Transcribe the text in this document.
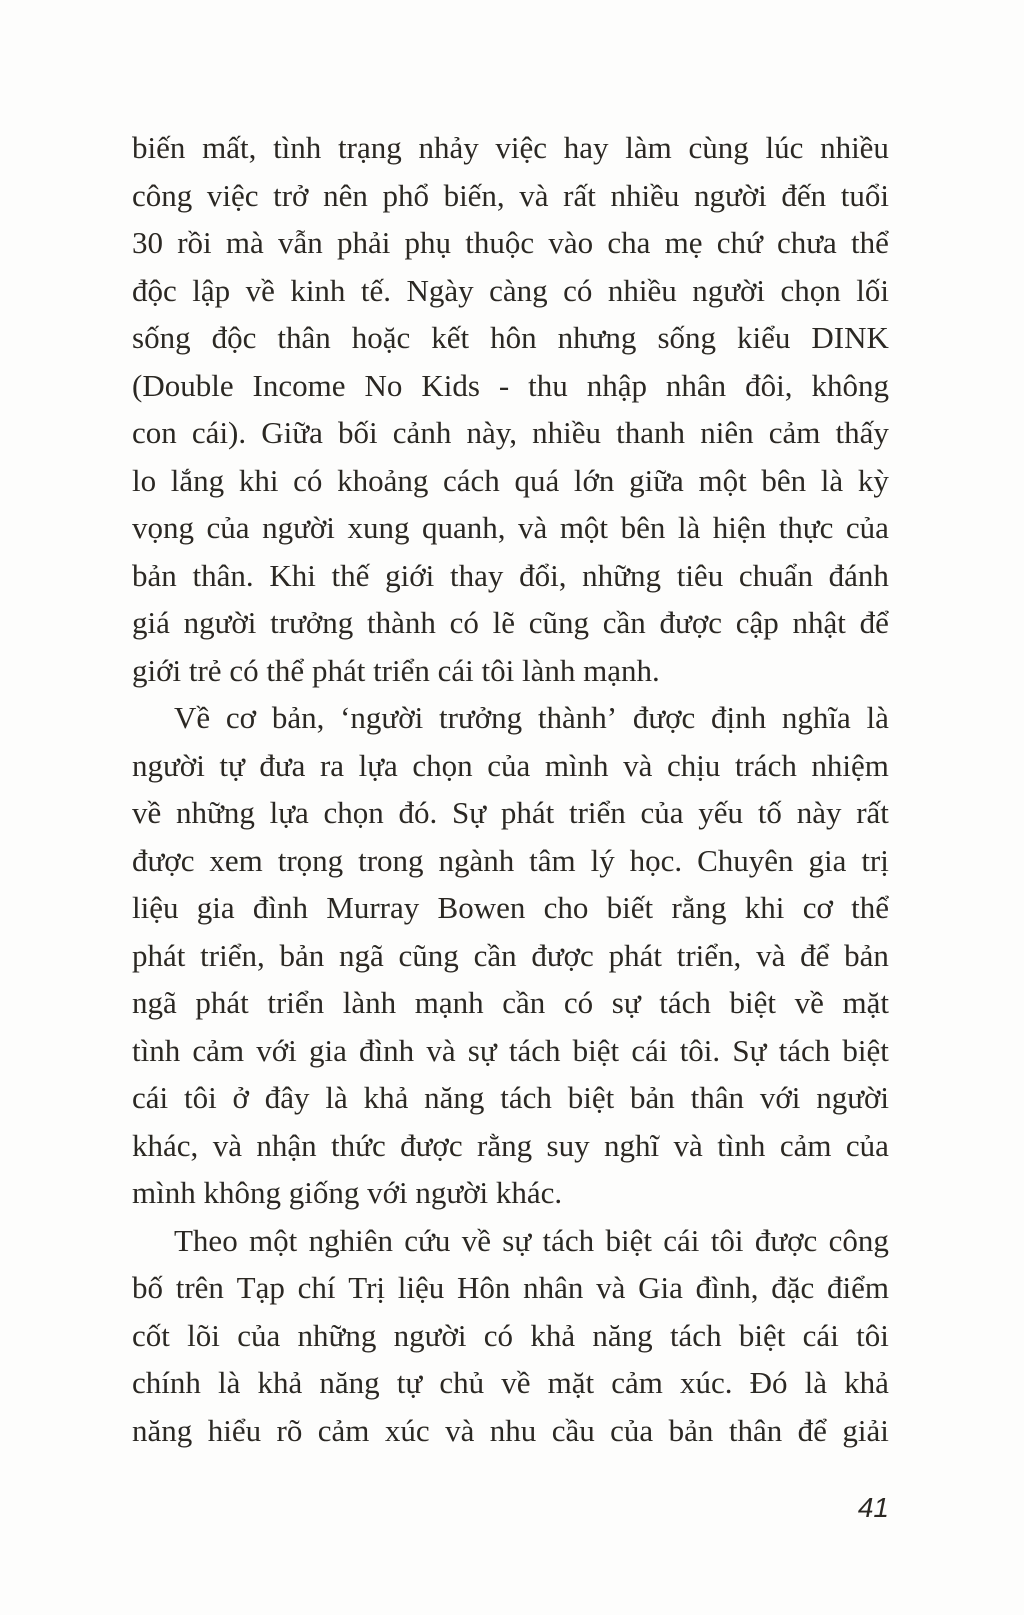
biến mất, tình trạng nhảy việc hay làm cùng lúc nhiều
công việc trở nên phổ biến, và rất nhiều người đến tuổi
30 rồi mà vẫn phải phụ thuộc vào cha mẹ chứ chưa thể
độc lập về kinh tế. Ngày càng có nhiều người chọn lối
sống độc thân hoặc kết hôn nhưng sống kiểu DINK
(Double Income No Kids - thu nhập nhân đôi, không
con cái). Giữa bối cảnh này, nhiều thanh niên cảm thấy
lo lắng khi có khoảng cách quá lớn giữa một bên là kỳ
vọng của người xung quanh, và một bên là hiện thực của
bản thân. Khi thế giới thay đổi, những tiêu chuẩn đánh
giá người trưởng thành có lẽ cũng cần được cập nhật để
giới trẻ có thể phát triển cái tôi lành mạnh.
Về cơ bản, ‘người trưởng thành’ được định nghĩa là
người tự đưa ra lựa chọn của mình và chịu trách nhiệm
về những lựa chọn đó. Sự phát triển của yếu tố này rất
được xem trọng trong ngành tâm lý học. Chuyên gia trị
liệu gia đình Murray Bowen cho biết rằng khi cơ thể
phát triển, bản ngã cũng cần được phát triển, và để bản
ngã phát triển lành mạnh cần có sự tách biệt về mặt
tình cảm với gia đình và sự tách biệt cái tôi. Sự tách biệt
cái tôi ở đây là khả năng tách biệt bản thân với người
khác, và nhận thức được rằng suy nghĩ và tình cảm của
mình không giống với người khác.
Theo một nghiên cứu về sự tách biệt cái tôi được công
bố trên Tạp chí Trị liệu Hôn nhân và Gia đình, đặc điểm
cốt lõi của những người có khả năng tách biệt cái tôi
chính là khả năng tự chủ về mặt cảm xúc. Đó là khả
năng hiểu rõ cảm xúc và nhu cầu của bản thân để giải
41
